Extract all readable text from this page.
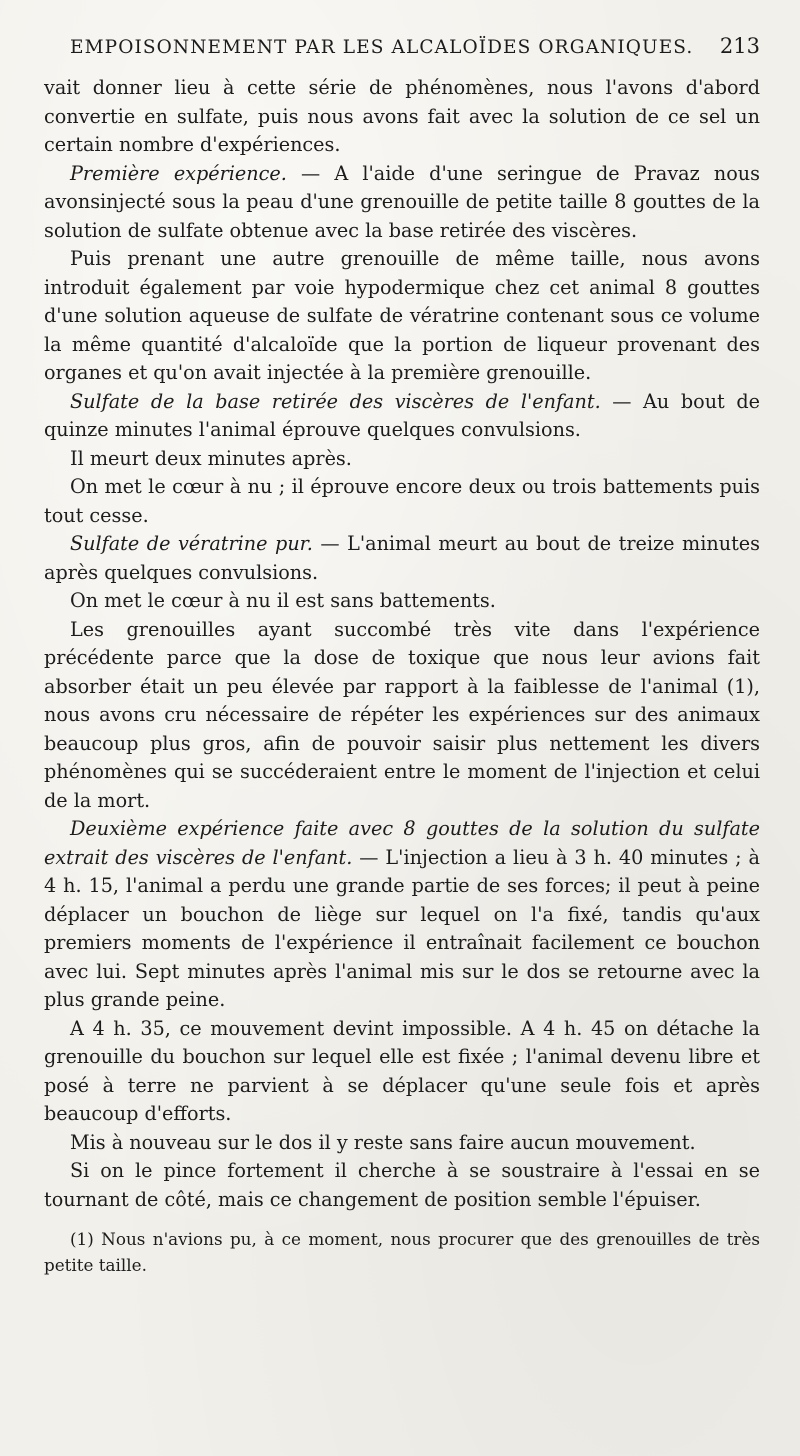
EMPOISONNEMENT PAR LES ALCALOÏDES ORGANIQUES. 213

vait donner lieu à cette série de phénomènes, nous l'avons d'abord convertie en sulfate, puis nous avons fait avec la solution de ce sel un certain nombre d'expériences.

Première expérience. — A l'aide d'une seringue de Pravaz nous avonsinjecté sous la peau d'une grenouille de petite taille 8 gouttes de la solution de sulfate obtenue avec la base retirée des viscères.

Puis prenant une autre grenouille de même taille, nous avons introduit également par voie hypodermique chez cet animal 8 gouttes d'une solution aqueuse de sulfate de vératrine contenant sous ce volume la même quantité d'alcaloïde que la portion de liqueur provenant des organes et qu'on avait injectée à la première grenouille.

Sulfate de la base retirée des viscères de l'enfant. — Au bout de quinze minutes l'animal éprouve quelques convulsions.

Il meurt deux minutes après.

On met le cœur à nu ; il éprouve encore deux ou trois battements puis tout cesse.

Sulfate de vératrine pur. — L'animal meurt au bout de treize minutes après quelques convulsions.

On met le cœur à nu il est sans battements.

Les grenouilles ayant succombé très vite dans l'expérience précédente parce que la dose de toxique que nous leur avions fait absorber était un peu élevée par rapport à la faiblesse de l'animal (1), nous avons cru nécessaire de répéter les expériences sur des animaux beaucoup plus gros, afin de pouvoir saisir plus nettement les divers phénomènes qui se succéderaient entre le moment de l'injection et celui de la mort.

Deuxième expérience faite avec 8 gouttes de la solution du sulfate extrait des viscères de l'enfant. — L'injection a lieu à 3 h. 40 minutes ; à 4 h. 15, l'animal a perdu une grande partie de ses forces; il peut à peine déplacer un bouchon de liège sur lequel on l'a fixé, tandis qu'aux premiers moments de l'expérience il entraînait facilement ce bouchon avec lui. Sept minutes après l'animal mis sur le dos se retourne avec la plus grande peine.

A 4 h. 35, ce mouvement devint impossible. A 4 h. 45 on détache la grenouille du bouchon sur lequel elle est fixée ; l'animal devenu libre et posé à terre ne parvient à se déplacer qu'une seule fois et après beaucoup d'efforts.

Mis à nouveau sur le dos il y reste sans faire aucun mouvement.

Si on le pince fortement il cherche à se soustraire à l'essai en se tournant de côté, mais ce changement de position semble l'épuiser.

(1) Nous n'avions pu, à ce moment, nous procurer que des grenouilles de très petite taille.
